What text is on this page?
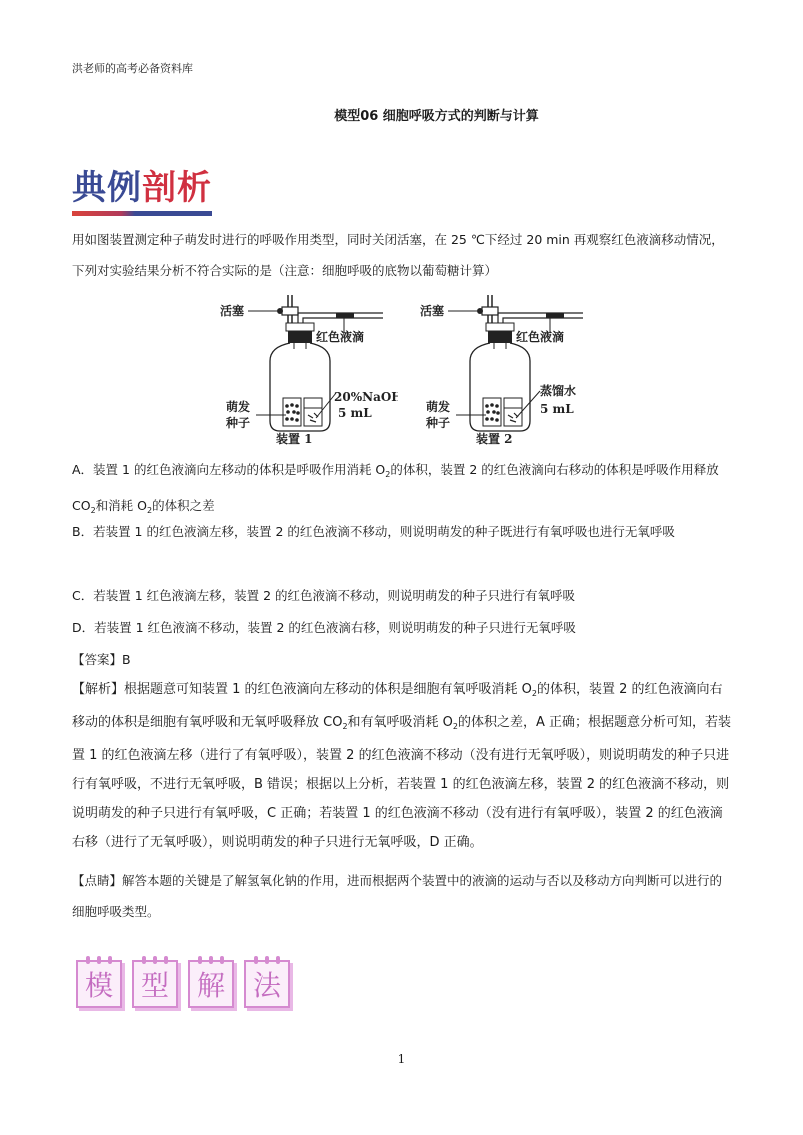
洪老师的高考必备资料库
模型06 细胞呼吸方式的判断与计算
典例剖析
用如图装置测定种子萌发时进行的呼吸作用类型，同时关闭活塞，在 25 ℃下经过 20 min 再观察红色液滴移动情况，下列对实验结果分析不符合实际的是（注意：细胞呼吸的底物以葡萄糖计算）
活塞
红色液滴
萌发
种子
20%NaOH
5 mL
装置 1
活塞
红色液滴
萌发
种子
蒸馏水
5 mL
装置 2
A．装置 1 的红色液滴向左移动的体积是呼吸作用消耗 $O_2$的体积，装置 2 的红色液滴向右移动的体积是呼吸作用释放 $CO_2$和消耗 $O_2$的体积之差
B．若装置 1 的红色液滴左移，装置 2 的红色液滴不移动，则说明萌发的种子既进行有氧呼吸也进行无氧呼吸
C．若装置 1 红色液滴左移，装置 2 的红色液滴不移动，则说明萌发的种子只进行有氧呼吸
D．若装置 1 红色液滴不移动，装置 2 的红色液滴右移，则说明萌发的种子只进行无氧呼吸
【答案】B
【解析】根据题意可知装置 1 的红色液滴向左移动的体积是细胞有氧呼吸消耗 $O_2$的体积，装置 2 的红色液滴向右移动的体积是细胞有氧呼吸和无氧呼吸释放 $CO_2$和有氧呼吸消耗 $O_2$的体积之差，A 正确；根据题意分析可知，若装置 1 的红色液滴左移（进行了有氧呼吸），装置 2 的红色液滴不移动（没有进行无氧呼吸），则说明萌发的种子只进行有氧呼吸，不进行无氧呼吸，B 错误；根据以上分析，若装置 1 的红色液滴左移，装置 2 的红色液滴不移动，则说明萌发的种子只进行有氧呼吸，C 正确；若装置 1 的红色液滴不移动（没有进行有氧呼吸），装置 2 的红色液滴右移（进行了无氧呼吸），则说明萌发的种子只进行无氧呼吸，D 正确。
【点睛】解答本题的关键是了解氢氧化钠的作用，进而根据两个装置中的液滴的运动与否以及移动方向判断可以进行的细胞呼吸类型。
模 型 解 法
1
